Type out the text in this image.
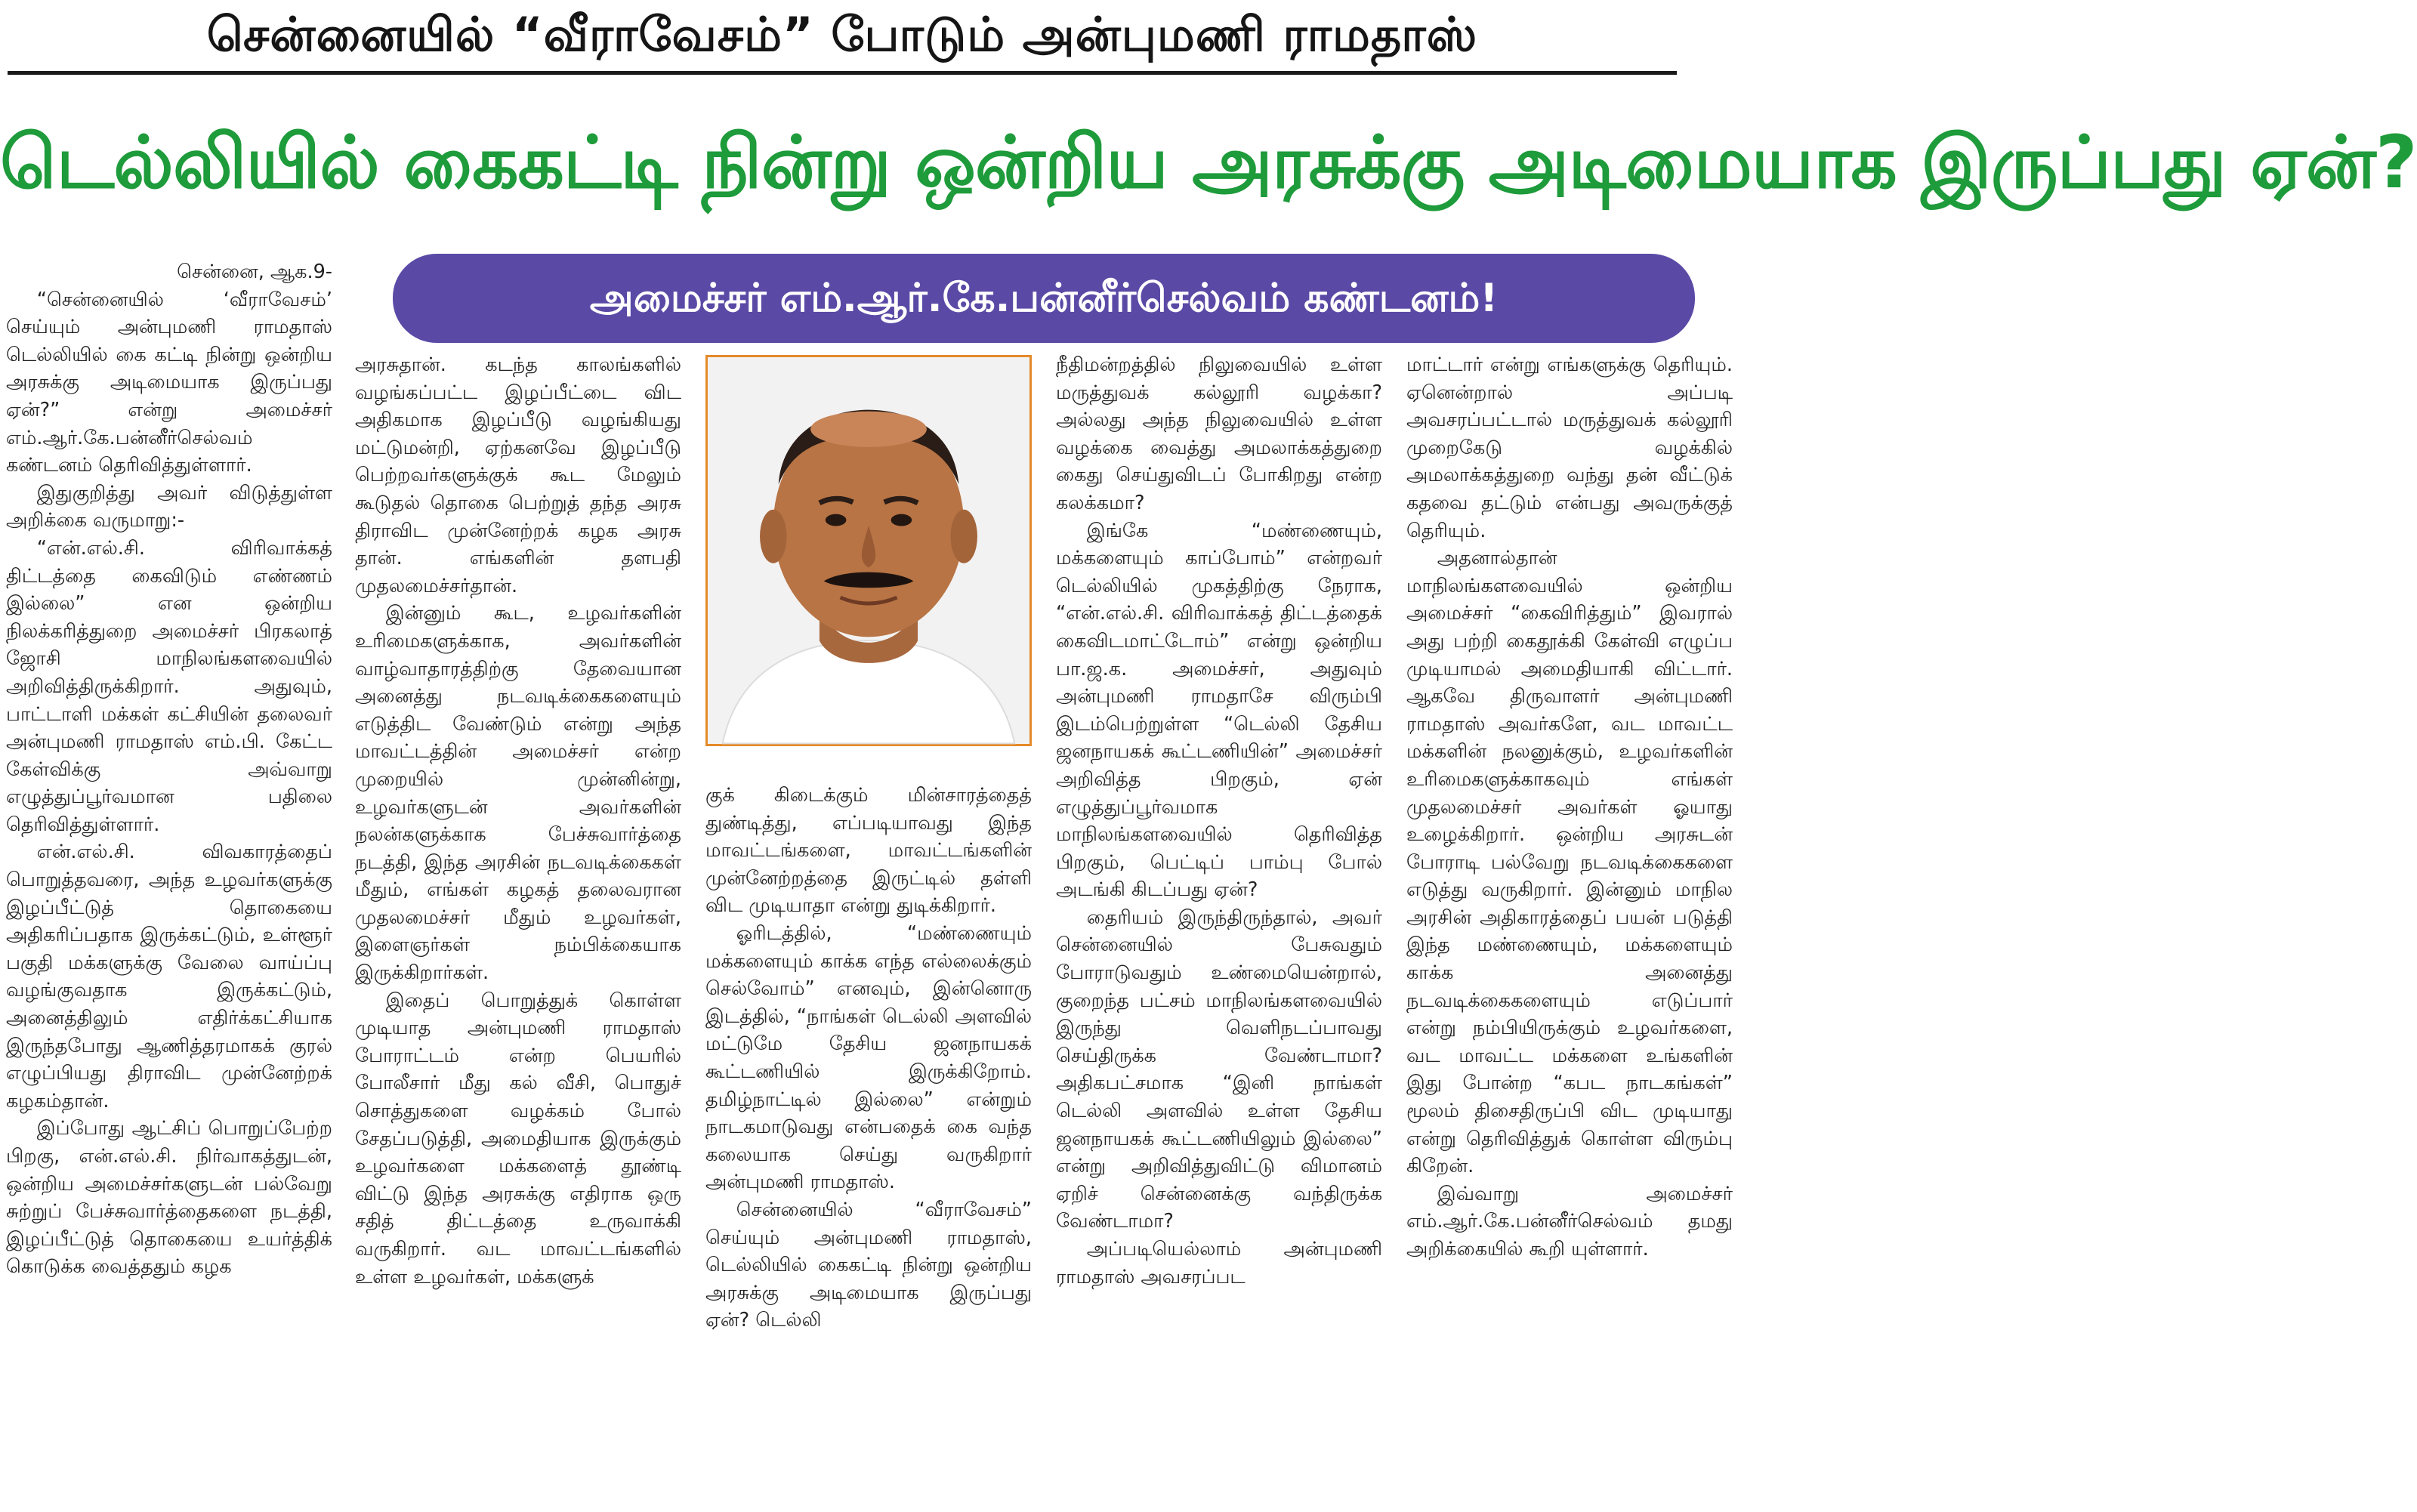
சென்னையில் “வீராவேசம்” போடும் அன்புமணி ராமதாஸ்
டெல்லியில் கைகட்டி நின்று ஒன்றிய அரசுக்கு அடிமையாக இருப்பது ஏன்?
அமைச்சர் எம்.ஆர்.கே.பன்னீர்செல்வம் கண்டனம்!

சென்னை, ஆக.9-

“சென்னையில் ‘வீராவேசம்’ செய்யும் அன்புமணி ராமதாஸ் டெல்லியில் கை கட்டி நின்று ஒன்றிய அரசுக்கு அடிமையாக இருப்பது ஏன்?” என்று அமைச்சர் எம்.ஆர்.கே.பன்னீர்செல்வம் கண்டனம் தெரிவித்துள்ளார்.

இதுகுறித்து அவர் விடுத்துள்ள அறிக்கை வருமாறு:-

“என்.எல்.சி. விரிவாக்கத் திட்டத்தை கைவிடும் எண்ணம் இல்லை” என ஒன்றிய நிலக்கரித்துறை அமைச்சர் பிரகலாத் ஜோசி மாநிலங்களவையில் அறிவித்திருக்கிறார். அதுவும், பாட்டாளி மக்கள் கட்சியின் தலைவர் அன்புமணி ராமதாஸ் எம்.பி. கேட்ட கேள்விக்கு அவ்வாறு எழுத்துப்பூர்வமான பதிலை தெரிவித்துள்ளார்.

என்.எல்.சி. விவகாரத்தைப் பொறுத்தவரை, அந்த உழவர்களுக்கு இழப்பீட்டுத் தொகையை அதிகரிப்பதாக இருக்கட்டும், உள்ளூர் பகுதி மக்களுக்கு வேலை வாய்ப்பு வழங்குவதாக இருக்கட்டும், அனைத்திலும் எதிர்க்கட்சியாக இருந்தபோது ஆணித்தரமாகக் குரல் எழுப்பியது திராவிட முன்னேற்றக் கழகம்தான்.

இப்போது ஆட்சிப் பொறுப்பேற்ற பிறகு, என்.எல்.சி. நிர்வாகத்துடன், ஒன்றிய அமைச்சர்களுடன் பல்வேறு சுற்றுப் பேச்சுவார்த்தைகளை நடத்தி, இழப்பீட்டுத் தொகையை உயர்த்திக் கொடுக்க வைத்ததும் கழக

அரசுதான். கடந்த காலங்களில் வழங்கப்பட்ட இழப்பீட்டை விட அதிகமாக இழப்பீடு வழங்கியது மட்டுமன்றி, ஏற்கனவே இழப்பீடு பெற்றவர்களுக்குக் கூட மேலும் கூடுதல் தொகை பெற்றுத் தந்த அரசு திராவிட முன்னேற்றக் கழக அரசு தான். எங்களின் தளபதி முதலமைச்சர்தான்.

இன்னும் கூட, உழவர்களின் உரிமைகளுக்காக, அவர்களின் வாழ்வாதாரத்திற்கு தேவையான அனைத்து நடவடிக்கைகளையும் எடுத்திட வேண்டும் என்று அந்த மாவட்டத்தின் அமைச்சர் என்ற முறையில் முன்னின்று, உழவர்களுடன் அவர்களின் நலன்களுக்காக பேச்சுவார்த்தை நடத்தி, இந்த அரசின் நடவடிக்கைகள் மீதும், எங்கள் கழகத் தலைவரான முதலமைச்சர் மீதும் உழவர்கள், இளைஞர்கள் நம்பிக்கையாக இருக்கிறார்கள்.

இதைப் பொறுத்துக் கொள்ள முடியாத அன்புமணி ராமதாஸ் போராட்டம் என்ற பெயரில் போலீசார் மீது கல் வீசி, பொதுச் சொத்துகளை வழக்கம் போல் சேதப்படுத்தி, அமைதியாக இருக்கும் உழவர்களை மக்களைத் தூண்டி விட்டு இந்த அரசுக்கு எதிராக ஒரு சதித் திட்டத்தை உருவாக்கி வருகிறார். வட மாவட்டங்களில் உள்ள உழவர்கள், மக்களுக்

குக் கிடைக்கும் மின்சாரத்தைத் துண்டித்து, எப்படியாவது இந்த மாவட்டங்களை, மாவட்டங்களின் முன்னேற்றத்தை இருட்டில் தள்ளி விட முடியாதா என்று துடிக்கிறார்.

ஓரிடத்தில், “மண்ணையும் மக்களையும் காக்க எந்த எல்லைக்கும் செல்வோம்” எனவும், இன்னொரு இடத்தில், “நாங்கள் டெல்லி அளவில் மட்டுமே தேசிய ஜனநாயகக் கூட்டணியில் இருக்கிறோம். தமிழ்நாட்டில் இல்லை” என்றும் நாடகமாடுவது என்பதைக் கை வந்த கலையாக செய்து வருகிறார் அன்புமணி ராமதாஸ்.

சென்னையில் “வீராவேசம்” செய்யும் அன்புமணி ராமதாஸ், டெல்லியில் கைகட்டி நின்று ஒன்றிய அரசுக்கு அடிமையாக இருப்பது ஏன்? டெல்லி

நீதிமன்றத்தில் நிலுவையில் உள்ள மருத்துவக் கல்லூரி வழக்கா? அல்லது அந்த நிலுவையில் உள்ள வழக்கை வைத்து அமலாக்கத்துறை கைது செய்துவிடப் போகிறது என்ற கலக்கமா?

இங்கே “மண்ணையும், மக்களையும் காப்போம்” என்றவர் டெல்லியில் முகத்திற்கு நேராக, “என்.எல்.சி. விரிவாக்கத் திட்டத்தைக் கைவிடமாட்டோம்” என்று ஒன்றிய பா.ஜ.க. அமைச்சர், அதுவும் அன்புமணி ராமதாசே விரும்பி இடம்பெற்றுள்ள “டெல்லி தேசிய ஜனநாயகக் கூட்டணியின்” அமைச்சர் அறிவித்த பிறகும், ஏன் எழுத்துப்பூர்வமாக மாநிலங்களவையில் தெரிவித்த பிறகும், பெட்டிப் பாம்பு போல் அடங்கி கிடப்பது ஏன்?

தைரியம் இருந்திருந்தால், அவர் சென்னையில் பேசுவதும் போராடுவதும் உண்மையென்றால், குறைந்த பட்சம் மாநிலங்களவையில் இருந்து வெளிநடப்பாவது செய்திருக்க வேண்டாமா? அதிகபட்சமாக “இனி நாங்கள் டெல்லி அளவில் உள்ள தேசிய ஜனநாயகக் கூட்டணியிலும் இல்லை” என்று அறிவித்துவிட்டு விமானம் ஏறிச் சென்னைக்கு வந்திருக்க வேண்டாமா?

அப்படியெல்லாம் அன்புமணி ராமதாஸ் அவசரப்பட

மாட்டார் என்று எங்களுக்கு தெரியும். ஏனென்றால் அப்படி அவசரப்பட்டால் மருத்துவக் கல்லூரி முறைகேடு வழக்கில் அமலாக்கத்துறை வந்து தன் வீட்டுக் கதவை தட்டும் என்பது அவருக்குத் தெரியும்.

அதனால்தான் மாநிலங்களவையில் ஒன்றிய அமைச்சர் “கைவிரித்தும்” இவரால் அது பற்றி கைதூக்கி கேள்வி எழுப்ப முடியாமல் அமைதியாகி விட்டார். ஆகவே திருவாளர் அன்புமணி ராமதாஸ் அவர்களே, வட மாவட்ட மக்களின் நலனுக்கும், உழவர்களின் உரிமைகளுக்காகவும் எங்கள் முதலமைச்சர் அவர்கள் ஓயாது உழைக்கிறார். ஒன்றிய அரசுடன் போராடி பல்வேறு நடவடிக்கைகளை எடுத்து வருகிறார். இன்னும் மாநில அரசின் அதிகாரத்தைப் பயன் படுத்தி இந்த மண்ணையும், மக்களையும் காக்க அனைத்து நடவடிக்கைகளையும் எடுப்பார் என்று நம்பியிருக்கும் உழவர்களை, வட மாவட்ட மக்களை உங்களின் இது போன்ற “கபட நாடகங்கள்” மூலம் திசைதிருப்பி விட முடியாது என்று தெரிவித்துக் கொள்ள விரும்பு கிறேன்.

இவ்வாறு அமைச்சர் எம்.ஆர்.கே.பன்னீர்செல்வம் தமது அறிக்கையில் கூறி யுள்ளார்.
